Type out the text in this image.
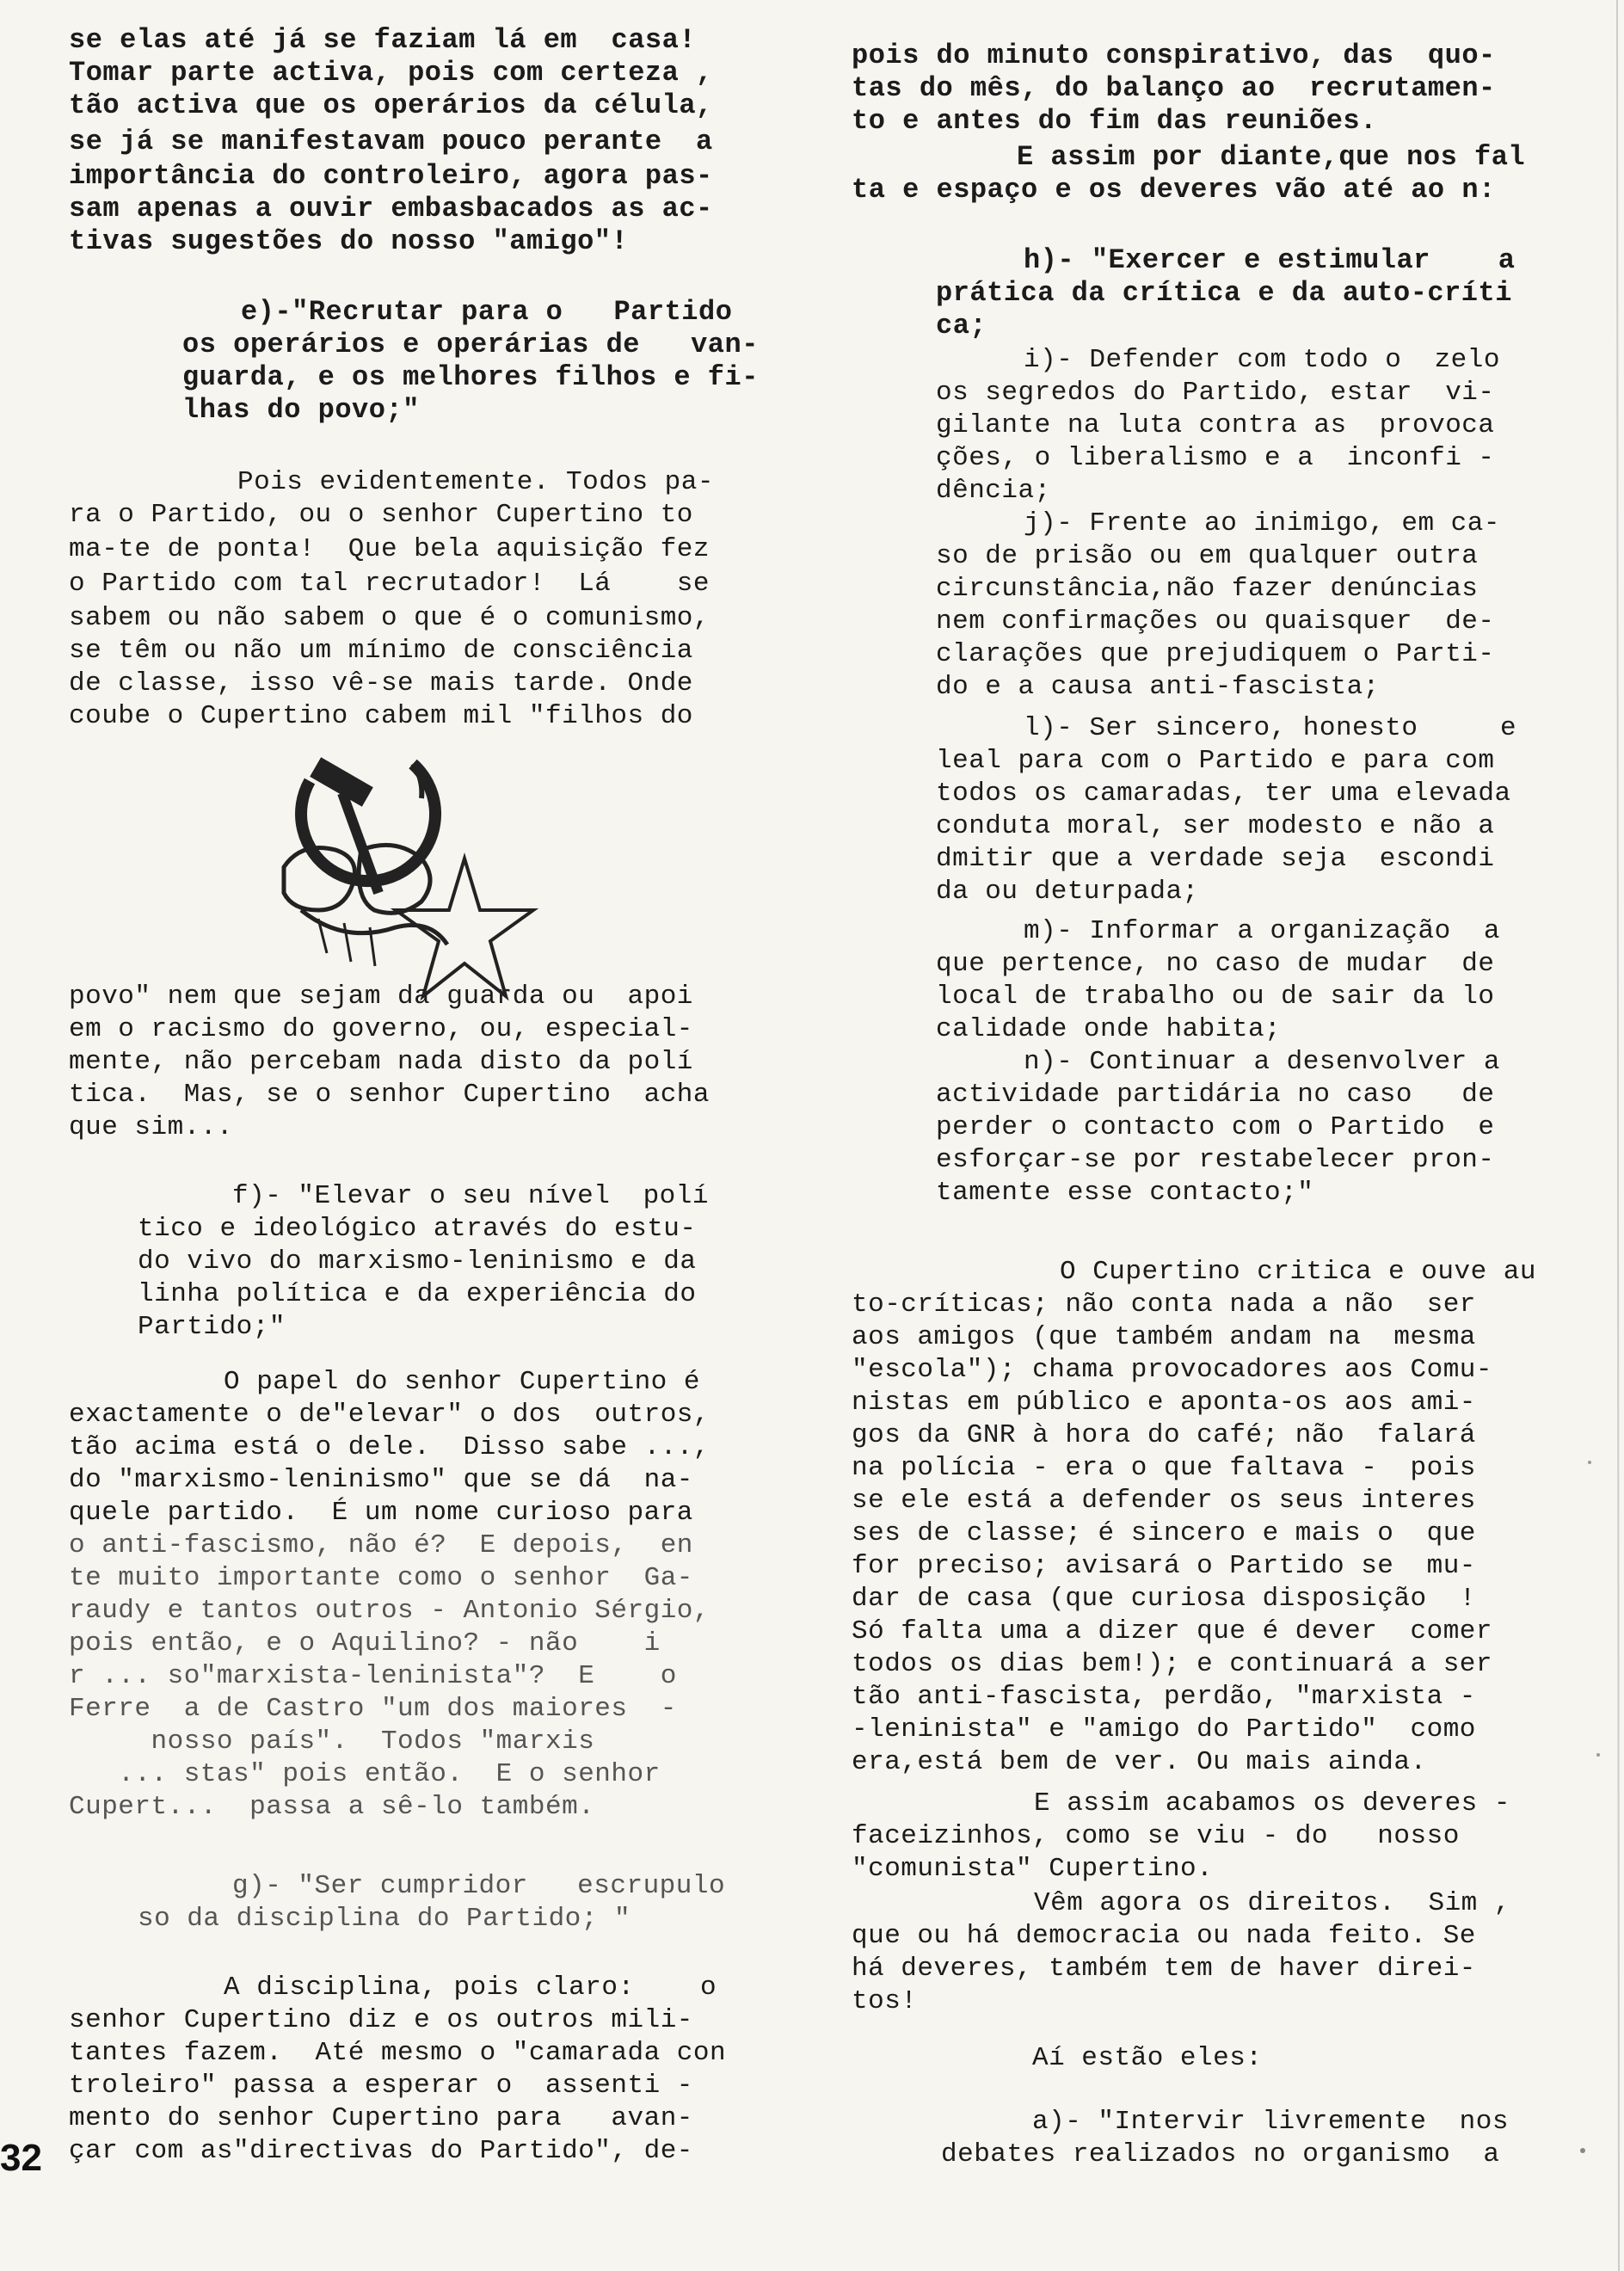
se elas até já se faziam lá em  casa!
Tomar parte activa, pois com certeza ,
tão activa que os operários da célula,
se já se manifestavam pouco perante  a
importância do controleiro, agora pas-
sam apenas a ouvir embasbacados as ac-
tivas sugestões do nosso "amigo"!
e)-"Recrutar para o   Partido
os operários e operárias de   van-
guarda, e os melhores filhos e fi-
lhas do povo;"
Pois evidentemente. Todos pa-
ra o Partido, ou o senhor Cupertino to
ma-te de ponta!  Que bela aquisição fez
o Partido com tal recrutador!  Lá    se
sabem ou não sabem o que é o comunismo,
se têm ou não um mínimo de consciência
de classe, isso vê-se mais tarde. Onde
coube o Cupertino cabem mil "filhos do
povo" nem que sejam da guarda ou  apoi
em o racismo do governo, ou, especial-
mente, não percebam nada disto da polí
tica.  Mas, se o senhor Cupertino  acha
que sim...
f)- "Elevar o seu nível  polí
tico e ideológico através do estu-
do vivo do marxismo-leninismo e da
linha política e da experiência do
Partido;"
O papel do senhor Cupertino é
exactamente o de"elevar" o dos  outros,
tão acima está o dele.  Disso sabe ...,
do "marxismo-leninismo" que se dá  na-
quele partido.  É um nome curioso para
o anti-fascismo, não é?  E depois,  en
te muito importante como o senhor  Ga-
raudy e tantos outros - Antonio Sérgio,
pois então, e o Aquilino? - não    i
r ... so"marxista-leninista"?  E    o
Ferre  a de Castro "um dos maiores  -
nosso país".  Todos "marxis
... stas" pois então.  E o senhor
Cupert...  passa a sê-lo também.
g)- "Ser cumpridor   escrupulo
so da disciplina do Partido; "
A disciplina, pois claro:    o
senhor Cupertino diz e os outros mili-
tantes fazem.  Até mesmo o "camarada con
troleiro" passa a esperar o  assenti -
mento do senhor Cupertino para   avan-
çar com as"directivas do Partido", de-
pois do minuto conspirativo, das  quo-
tas do mês, do balanço ao  recrutamen-
to e antes do fim das reuniões.
E assim por diante,que nos fal
ta e espaço e os deveres vão até ao n:
h)- "Exercer e estimular    a
prática da crítica e da auto-críti
ca;
i)- Defender com todo o  zelo
os segredos do Partido, estar  vi-
gilante na luta contra as  provoca
ções, o liberalismo e a  inconfi -
dência;
j)- Frente ao inimigo, em ca-
so de prisão ou em qualquer outra
circunstância,não fazer denúncias
nem confirmações ou quaisquer  de-
clarações que prejudiquem o Parti-
do e a causa anti-fascista;
l)- Ser sincero, honesto     e
leal para com o Partido e para com
todos os camaradas, ter uma elevada
conduta moral, ser modesto e não a
dmitir que a verdade seja  escondi
da ou deturpada;
m)- Informar a organização  a
que pertence, no caso de mudar  de
local de trabalho ou de sair da lo
calidade onde habita;
n)- Continuar a desenvolver a
actividade partidária no caso   de
perder o contacto com o Partido  e
esforçar-se por restabelecer pron-
tamente esse contacto;"
O Cupertino critica e ouve au
to-críticas; não conta nada a não  ser
aos amigos (que também andam na  mesma
"escola"); chama provocadores aos Comu-
nistas em público e aponta-os aos ami-
gos da GNR à hora do café; não  falará
na polícia - era o que faltava -  pois
se ele está a defender os seus interes
ses de classe; é sincero e mais o  que
for preciso; avisará o Partido se  mu-
dar de casa (que curiosa disposição  !
Só falta uma a dizer que é dever  comer
todos os dias bem!); e continuará a ser
tão anti-fascista, perdão, "marxista -
-leninista" e "amigo do Partido"  como
era,está bem de ver. Ou mais ainda.
E assim acabamos os deveres -
faceizinhos, como se viu - do   nosso
"comunista" Cupertino.
Vêm agora os direitos.  Sim ,
que ou há democracia ou nada feito. Se
há deveres, também tem de haver direi-
tos!
Aí estão eles:
a)- "Intervir livremente  nos
debates realizados no organismo  a
32
